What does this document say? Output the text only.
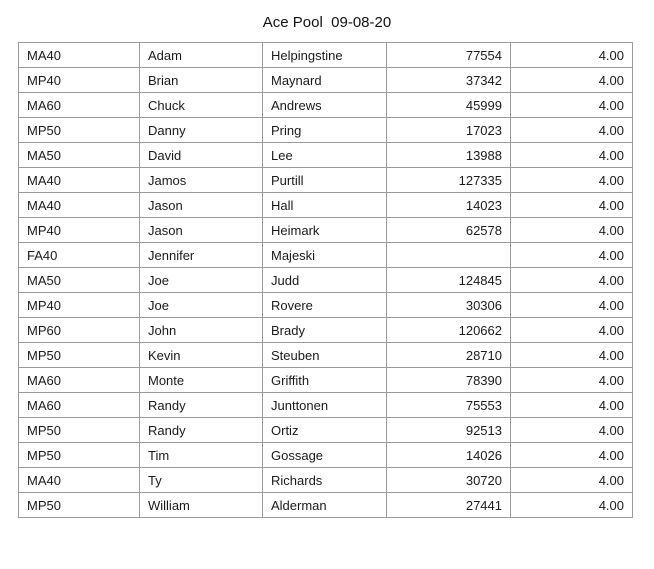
Ace Pool  09-08-20
MA40	Adam	Helpingstine	77554	4.00
MP40	Brian	Maynard	37342	4.00
MA60	Chuck	Andrews	45999	4.00
MP50	Danny	Pring	17023	4.00
MA50	David	Lee	13988	4.00
MA40	Jamos	Purtill	127335	4.00
MA40	Jason	Hall	14023	4.00
MP40	Jason	Heimark	62578	4.00
FA40	Jennifer	Majeski		4.00
MA50	Joe	Judd	124845	4.00
MP40	Joe	Rovere	30306	4.00
MP60	John	Brady	120662	4.00
MP50	Kevin	Steuben	28710	4.00
MA60	Monte	Griffith	78390	4.00
MA60	Randy	Junttonen	75553	4.00
MP50	Randy	Ortiz	92513	4.00
MP50	Tim	Gossage	14026	4.00
MA40	Ty	Richards	30720	4.00
MP50	William	Alderman	27441	4.00
